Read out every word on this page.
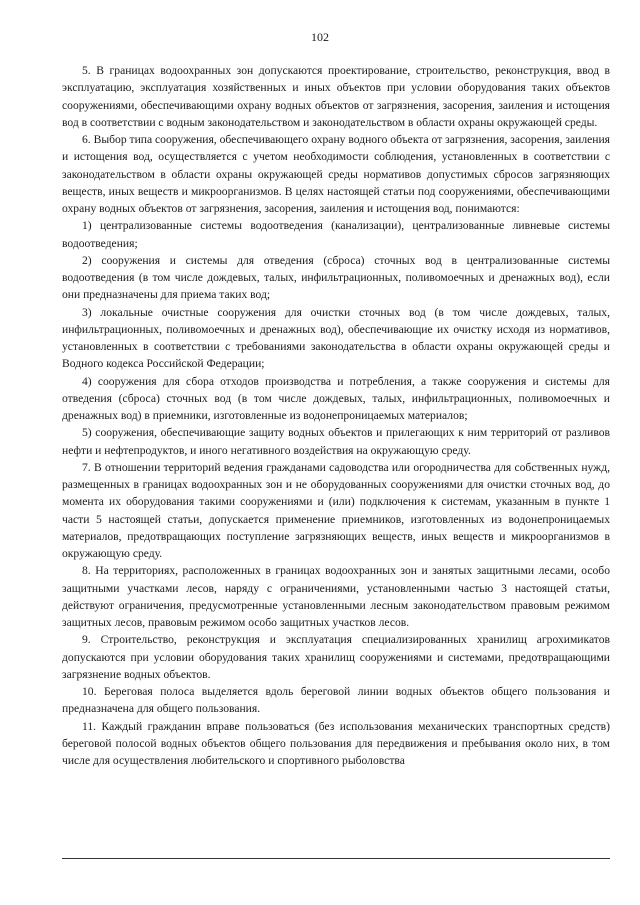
102

5. В границах водоохранных зон допускаются проектирование, строительство, реконструкция, ввод в эксплуатацию, эксплуатация хозяйственных и иных объектов при условии оборудования таких объектов сооружениями, обеспечивающими охрану водных объектов от загрязнения, засорения, заиления и истощения вод в соответствии с водным законодательством и законодательством в области охраны окружающей среды.

6. Выбор типа сооружения, обеспечивающего охрану водного объекта от загрязнения, засорения, заиления и истощения вод, осуществляется с учетом необходимости соблюдения, установленных в соответствии с законодательством в области охраны окружающей среды нормативов допустимых сбросов загрязняющих веществ, иных веществ и микроорганизмов. В целях настоящей статьи под сооружениями, обеспечивающими охрану водных объектов от загрязнения, засорения, заиления и истощения вод, понимаются:

1) централизованные системы водоотведения (канализации), централизованные ливневые системы водоотведения;

2) сооружения и системы для отведения (сброса) сточных вод в централизованные системы водоотведения (в том числе дождевых, талых, инфильтрационных, поливомоечных и дренажных вод), если они предназначены для приема таких вод;

3) локальные очистные сооружения для очистки сточных вод (в том числе дождевых, талых, инфильтрационных, поливомоечных и дренажных вод), обеспечивающие их очистку исходя из нормативов, установленных в соответствии с требованиями законодательства в области охраны окружающей среды и Водного кодекса Российской Федерации;

4) сооружения для сбора отходов производства и потребления, а также сооружения и системы для отведения (сброса) сточных вод (в том числе дождевых, талых, инфильтрационных, поливомоечных и дренажных вод) в приемники, изготовленные из водонепроницаемых материалов;

5) сооружения, обеспечивающие защиту водных объектов и прилегающих к ним территорий от разливов нефти и нефтепродуктов, и иного негативного воздействия на окружающую среду.

7. В отношении территорий ведения гражданами садоводства или огородничества для собственных нужд, размещенных в границах водоохранных зон и не оборудованных сооружениями для очистки сточных вод, до момента их оборудования такими сооружениями и (или) подключения к системам, указанным в пункте 1 части 5 настоящей статьи, допускается применение приемников, изготовленных из водонепроницаемых материалов, предотвращающих поступление загрязняющих веществ, иных веществ и микроорганизмов в окружающую среду.

8. На территориях, расположенных в границах водоохранных зон и занятых защитными лесами, особо защитными участками лесов, наряду с ограничениями, установленными частью 3 настоящей статьи, действуют ограничения, предусмотренные установленными лесным законодательством правовым режимом защитных лесов, правовым режимом особо защитных участков лесов.

9. Строительство, реконструкция и эксплуатация специализированных хранилищ агрохимикатов допускаются при условии оборудования таких хранилищ сооружениями и системами, предотвращающими загрязнение водных объектов.

10. Береговая полоса выделяется вдоль береговой линии водных объектов общего пользования и предназначена для общего пользования.

11. Каждый гражданин вправе пользоваться (без использования механических транспортных средств) береговой полосой водных объектов общего пользования для передвижения и пребывания около них, в том числе для осуществления любительского и спортивного рыболовства
